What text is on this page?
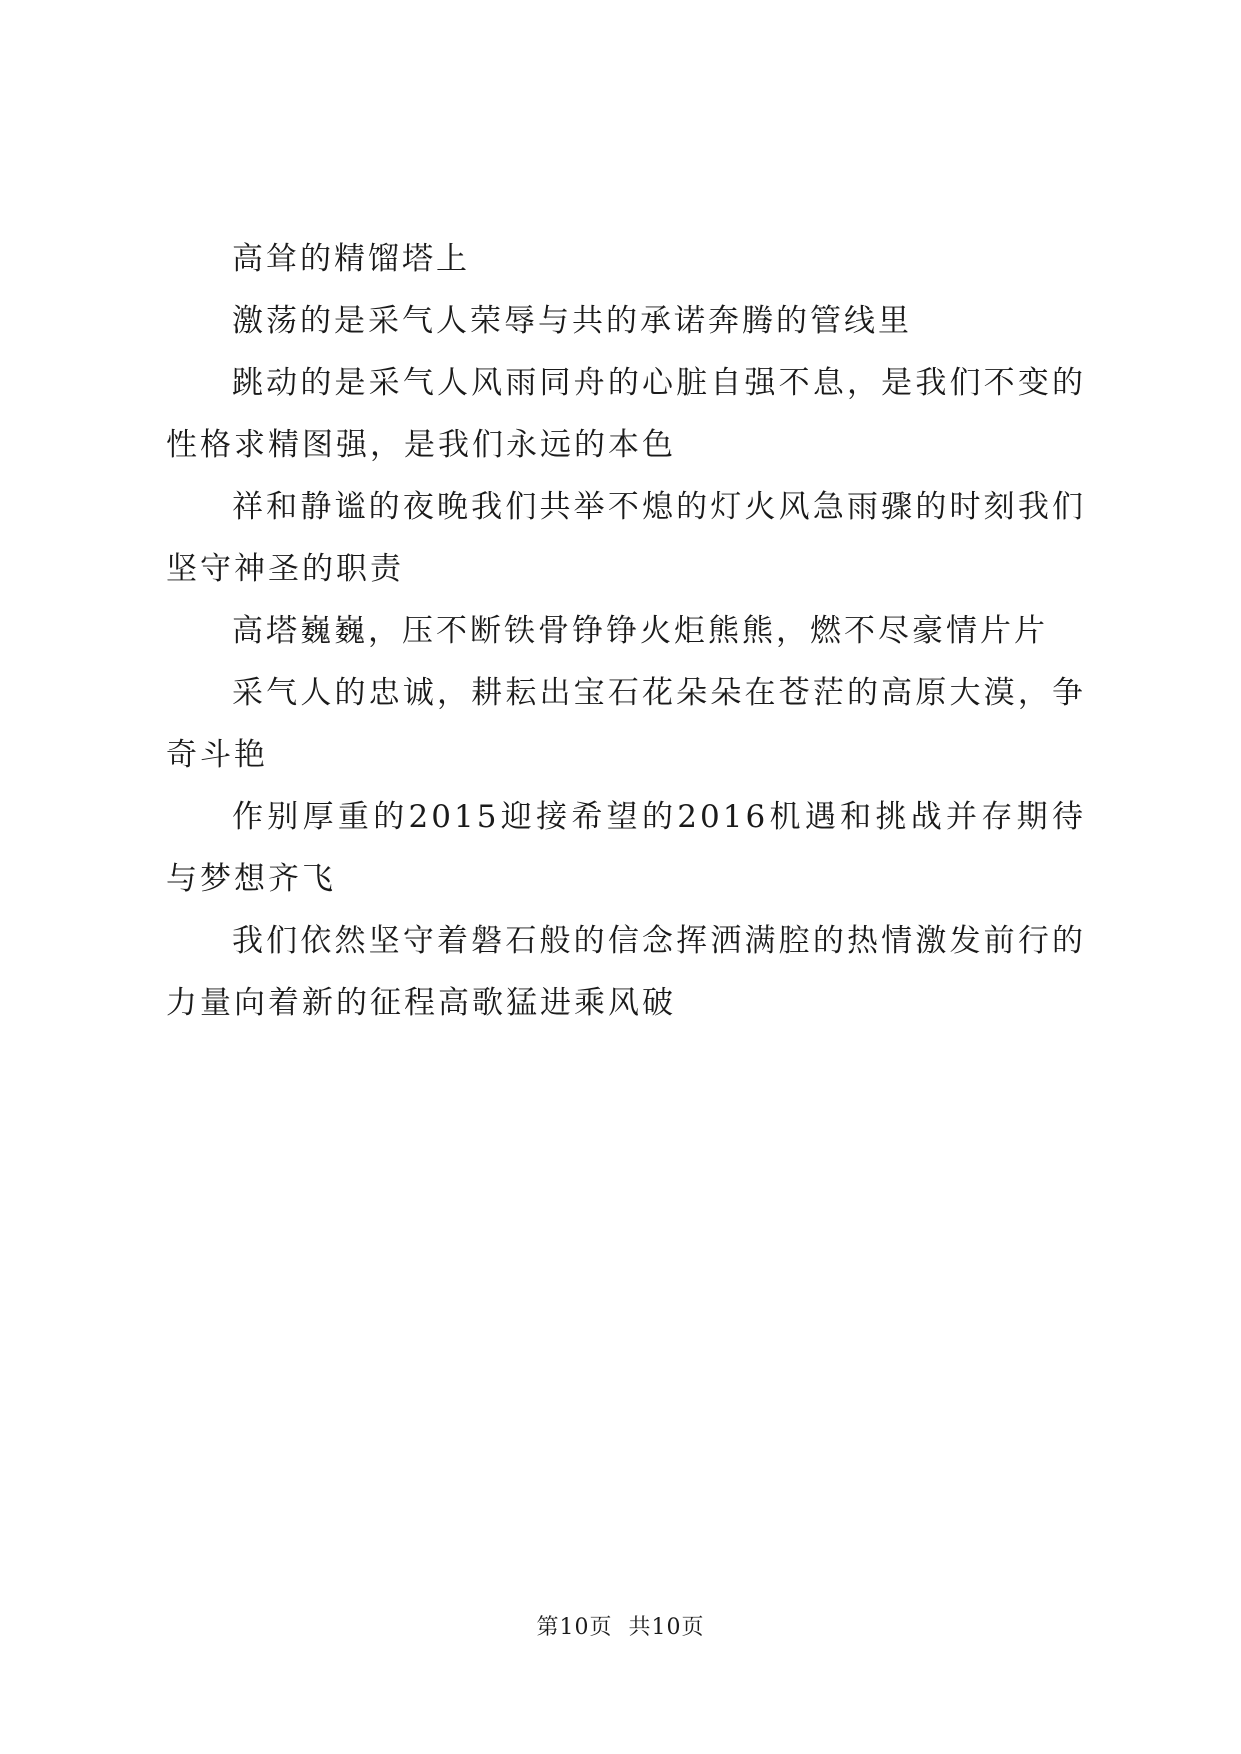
高耸的精馏塔上

激荡的是采气人荣辱与共的承诺奔腾的管线里

跳动的是采气人风雨同舟的心脏自强不息，是我们不变的性格求精图强，是我们永远的本色

祥和静谧的夜晚我们共举不熄的灯火风急雨骤的时刻我们坚守神圣的职责

高塔巍巍，压不断铁骨铮铮火炬熊熊，燃不尽豪情片片

采气人的忠诚，耕耘出宝石花朵朵在苍茫的高原大漠，争奇斗艳

作别厚重的2015迎接希望的2016机遇和挑战并存期待与梦想齐飞

我们依然坚守着磐石般的信念挥洒满腔的热情激发前行的力量向着新的征程高歌猛进乘风破

第10页 共10页
